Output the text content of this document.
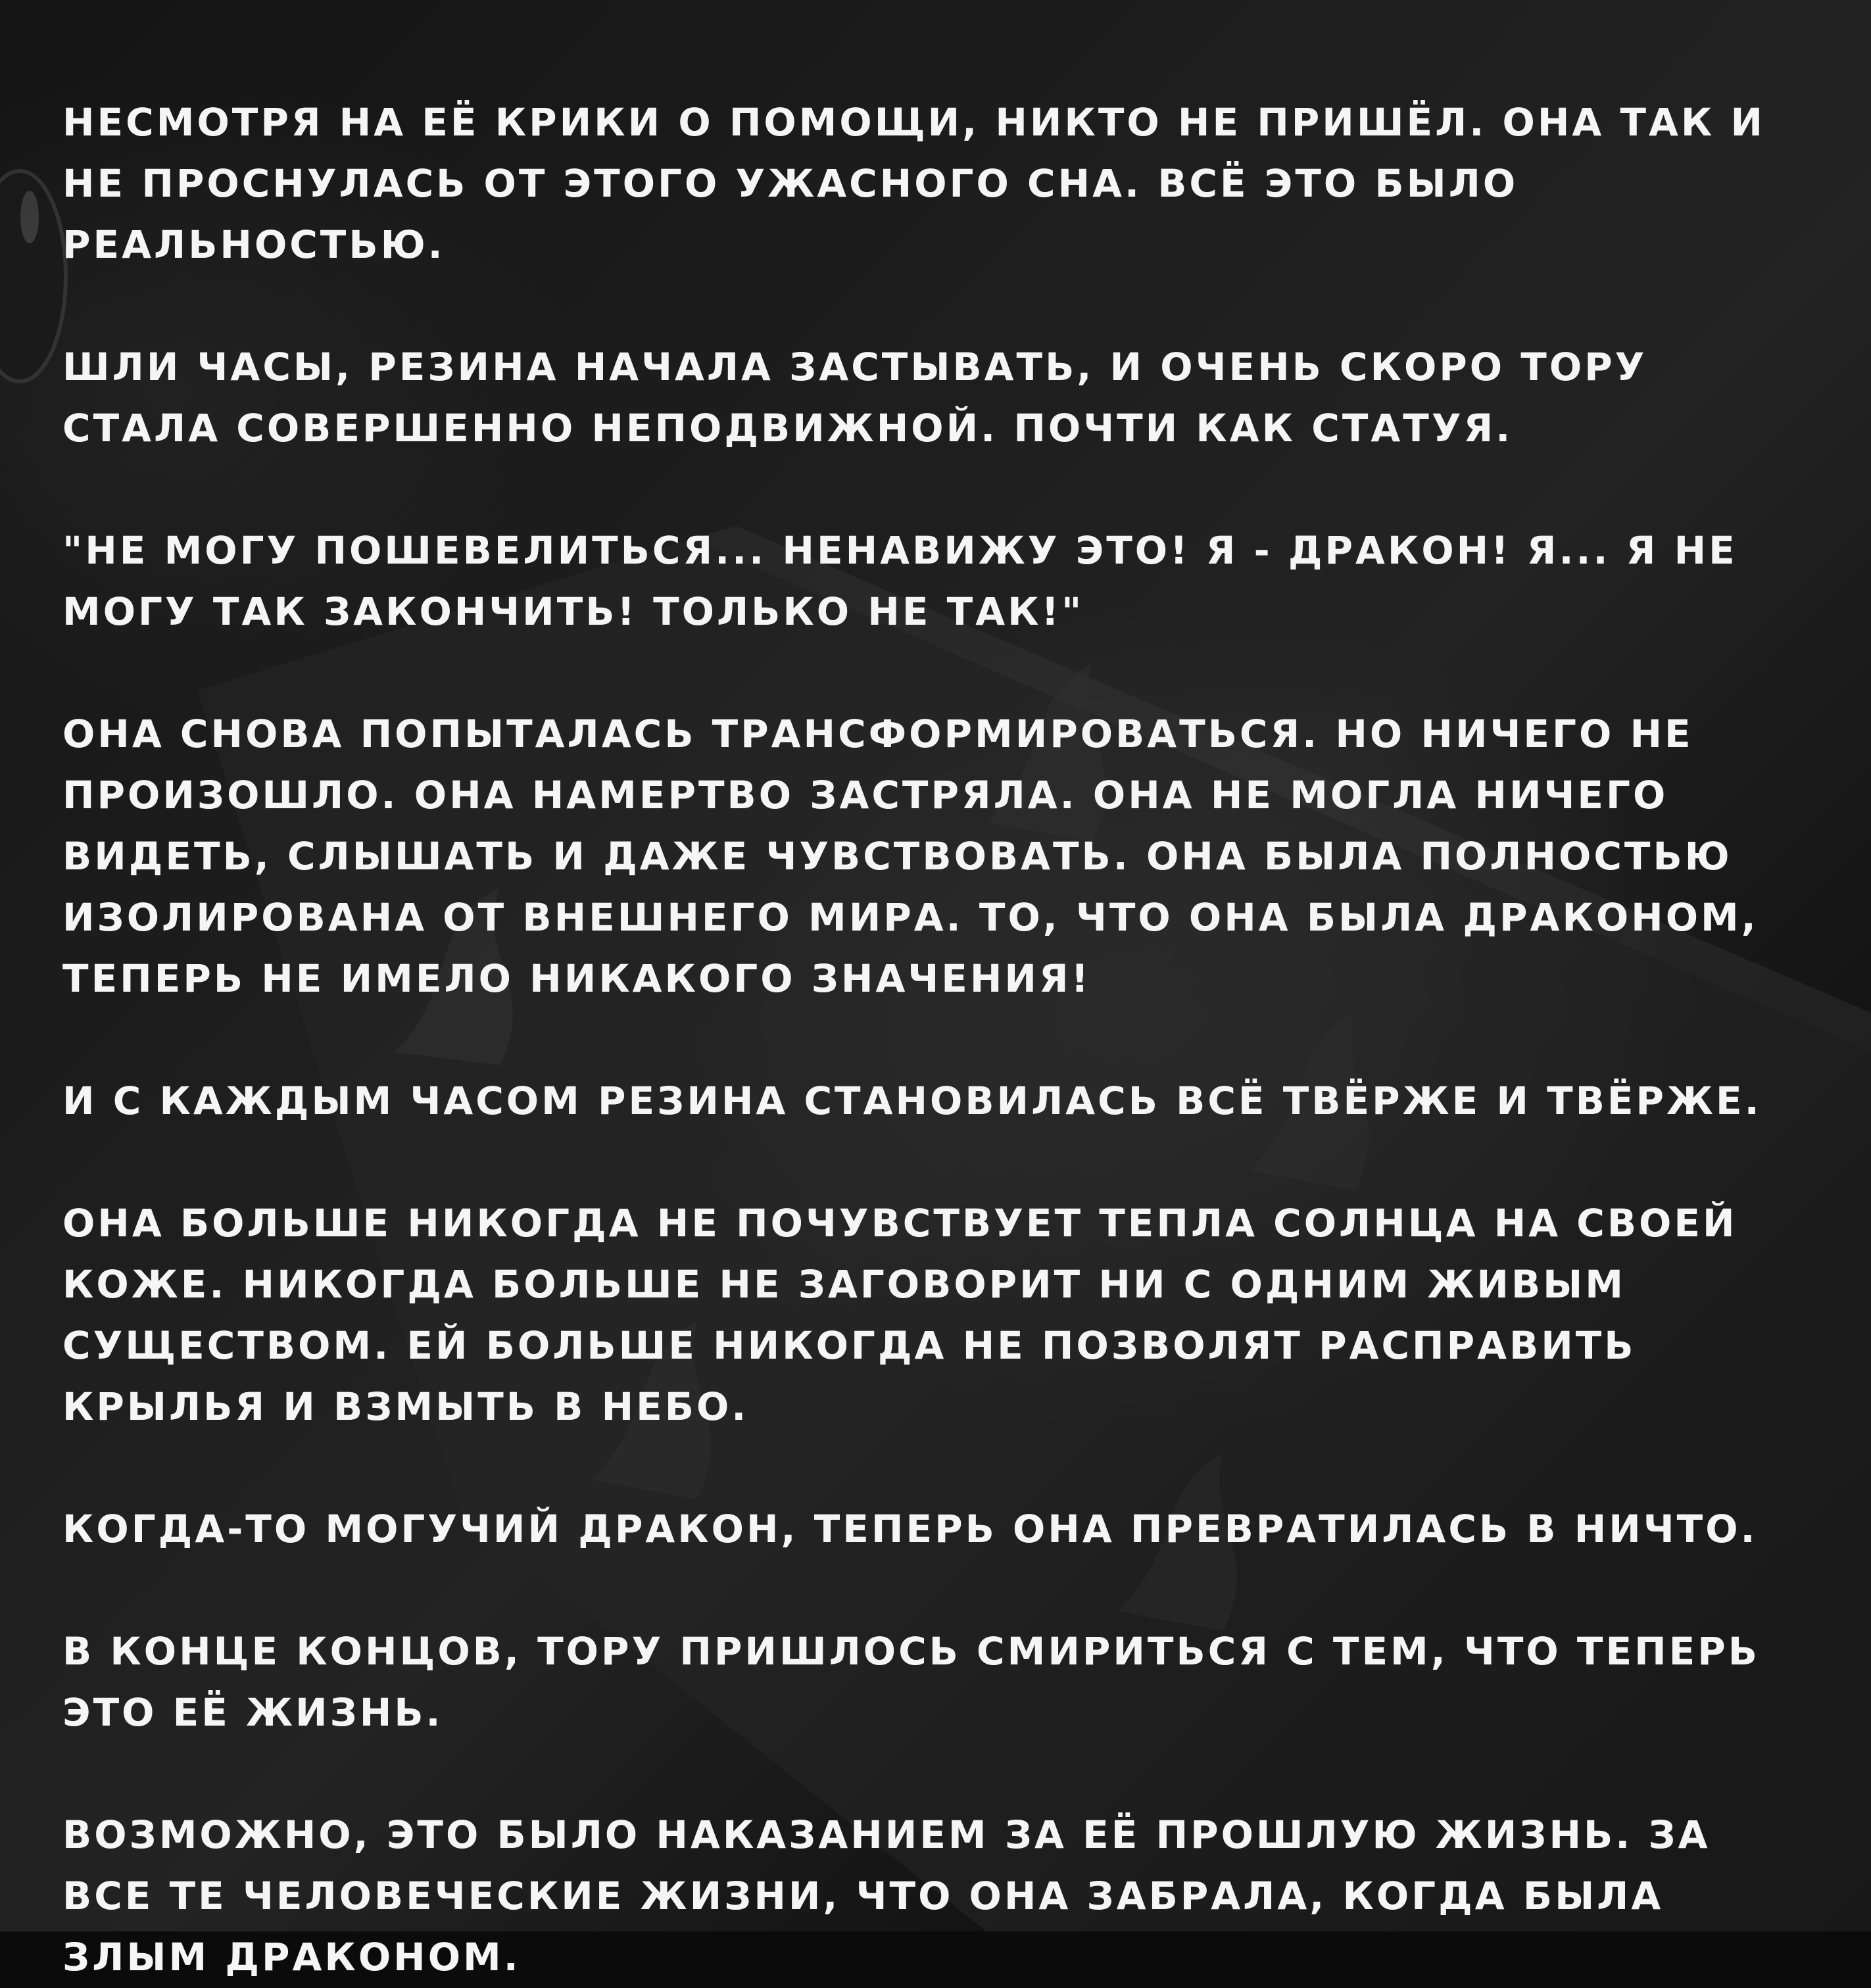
НЕСМОТРЯ НА ЕЁ КРИКИ О ПОМОЩИ, НИКТО НЕ ПРИШЁЛ. ОНА ТАК И НЕ ПРОСНУЛАСЬ ОТ ЭТОГО УЖАСНОГО СНА. ВСЁ ЭТО БЫЛО РЕАЛЬНОСТЬЮ.

ШЛИ ЧАСЫ, РЕЗИНА НАЧАЛА ЗАСТЫВАТЬ, И ОЧЕНЬ СКОРО ТОРУ СТАЛА СОВЕРШЕННО НЕПОДВИЖНОЙ. ПОЧТИ КАК СТАТУЯ.

"НЕ МОГУ ПОШЕВЕЛИТЬСЯ... НЕНАВИЖУ ЭТО! Я - ДРАКОН! Я... Я НЕ МОГУ ТАК ЗАКОНЧИТЬ! ТОЛЬКО НЕ ТАК!"

ОНА СНОВА ПОПЫТАЛАСЬ ТРАНСФОРМИРОВАТЬСЯ. НО НИЧЕГО НЕ ПРОИЗОШЛО. ОНА НАМЕРТВО ЗАСТРЯЛА. ОНА НЕ МОГЛА НИЧЕГО ВИДЕТЬ, СЛЫШАТЬ И ДАЖЕ ЧУВСТВОВАТЬ. ОНА БЫЛА ПОЛНОСТЬЮ ИЗОЛИРОВАНА ОТ ВНЕШНЕГО МИРА. ТО, ЧТО ОНА БЫЛА ДРАКОНОМ, ТЕПЕРЬ НЕ ИМЕЛО НИКАКОГО ЗНАЧЕНИЯ!

И С КАЖДЫМ ЧАСОМ РЕЗИНА СТАНОВИЛАСЬ ВСЁ ТВЁРЖЕ И ТВЁРЖЕ.

ОНА БОЛЬШЕ НИКОГДА НЕ ПОЧУВСТВУЕТ ТЕПЛА СОЛНЦА НА СВОЕЙ КОЖЕ. НИКОГДА БОЛЬШЕ НЕ ЗАГОВОРИТ НИ С ОДНИМ ЖИВЫМ СУЩЕСТВОМ. ЕЙ БОЛЬШЕ НИКОГДА НЕ ПОЗВОЛЯТ РАСПРАВИТЬ КРЫЛЬЯ И ВЗМЫТЬ В НЕБО.

КОГДА-ТО МОГУЧИЙ ДРАКОН, ТЕПЕРЬ ОНА ПРЕВРАТИЛАСЬ В НИЧТО.

В КОНЦЕ КОНЦОВ, ТОРУ ПРИШЛОСЬ СМИРИТЬСЯ С ТЕМ, ЧТО ТЕПЕРЬ ЭТО ЕЁ ЖИЗНЬ.

ВОЗМОЖНО, ЭТО БЫЛО НАКАЗАНИЕМ ЗА ЕЁ ПРОШЛУЮ ЖИЗНЬ. ЗА ВСЕ ТЕ ЧЕЛОВЕЧЕСКИЕ ЖИЗНИ, ЧТО ОНА ЗАБРАЛА, КОГДА БЫЛА ЗЛЫМ ДРАКОНОМ.
